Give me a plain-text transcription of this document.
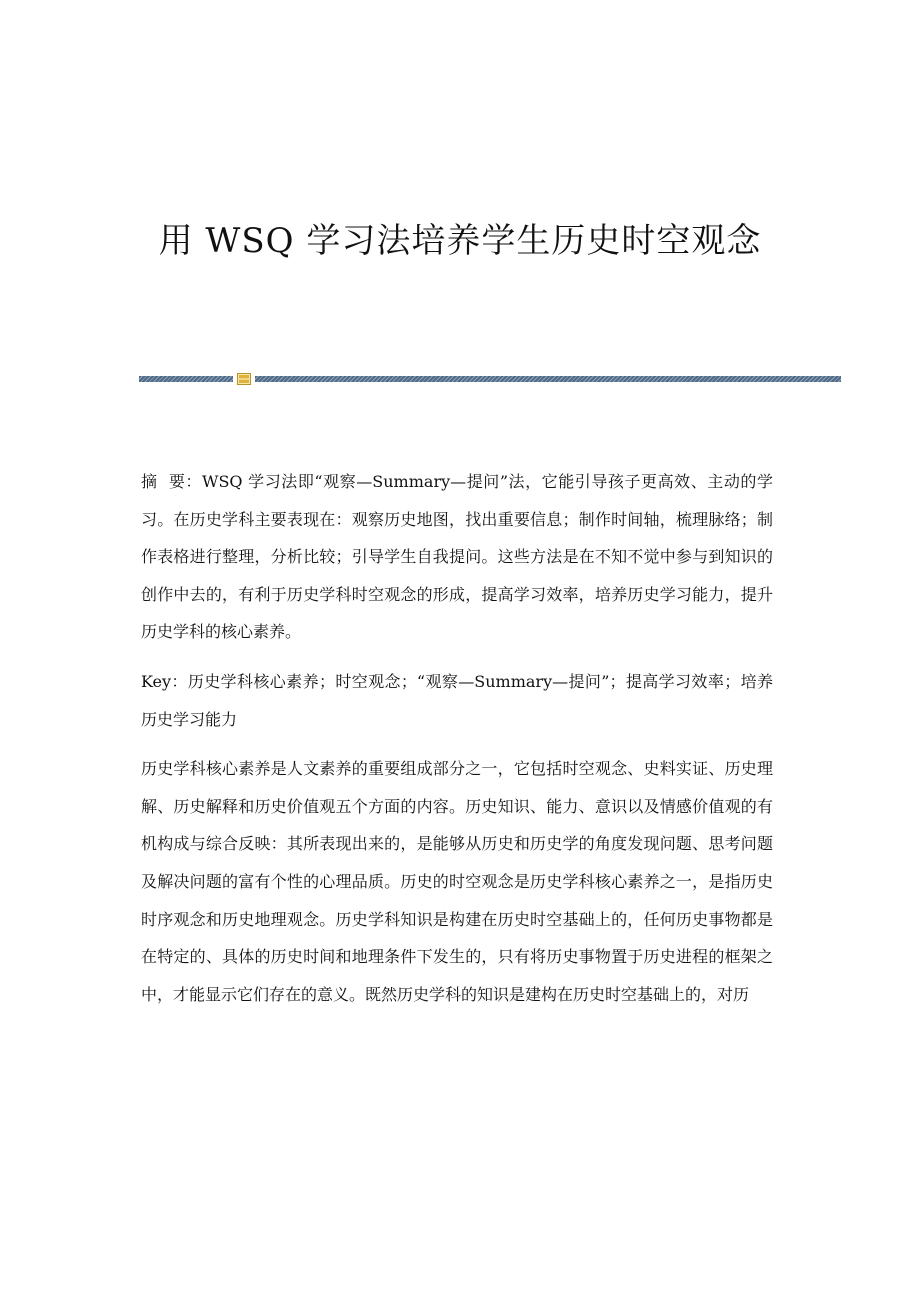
用 WSQ 学习法培养学生历史时空观念

摘  要：WSQ 学习法即“观察—Summary—提问”法，它能引导孩子更高效、主动的学习。在历史学科主要表现在：观察历史地图，找出重要信息；制作时间轴，梳理脉络；制作表格进行整理，分析比较；引导学生自我提问。这些方法是在不知不觉中参与到知识的创作中去的，有利于历史学科时空观念的形成，提高学习效率，培养历史学习能力，提升历史学科的核心素养。

Key：历史学科核心素养；时空观念；“观察—Summary—提问”；提高学习效率；培养历史学习能力

历史学科核心素养是人文素养的重要组成部分之一，它包括时空观念、史料实证、历史理解、历史解释和历史价值观五个方面的内容。历史知识、能力、意识以及情感价值观的有机构成与综合反映：其所表现出来的，是能够从历史和历史学的角度发现问题、思考问题及解决问题的富有个性的心理品质。历史的时空观念是历史学科核心素养之一，是指历史时序观念和历史地理观念。历史学科知识是构建在历史时空基础上的，任何历史事物都是在特定的、具体的历史时间和地理条件下发生的，只有将历史事物置于历史进程的框架之中，才能显示它们存在的意义。既然历史学科的知识是建构在历史时空基础上的，对历
